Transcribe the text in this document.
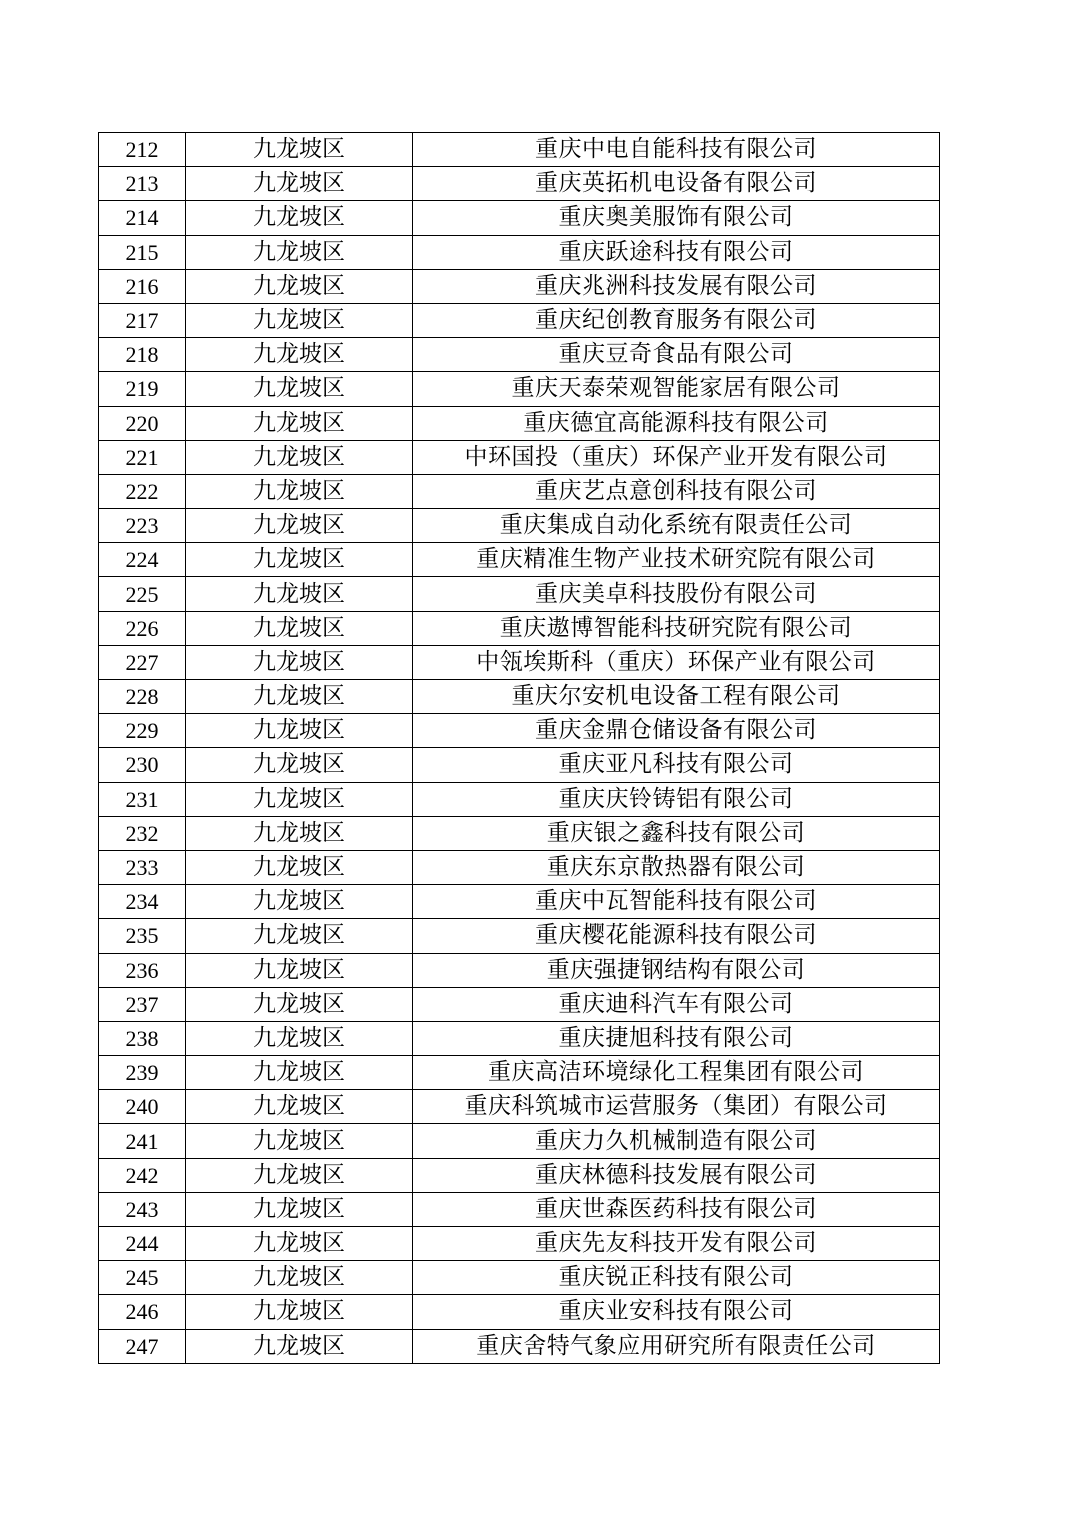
212	九龙坡区	重庆中电自能科技有限公司
213	九龙坡区	重庆英拓机电设备有限公司
214	九龙坡区	重庆奥美服饰有限公司
215	九龙坡区	重庆跃途科技有限公司
216	九龙坡区	重庆兆洲科技发展有限公司
217	九龙坡区	重庆纪创教育服务有限公司
218	九龙坡区	重庆豆奇食品有限公司
219	九龙坡区	重庆天泰荣观智能家居有限公司
220	九龙坡区	重庆德宜高能源科技有限公司
221	九龙坡区	中环国投（重庆）环保产业开发有限公司
222	九龙坡区	重庆艺点意创科技有限公司
223	九龙坡区	重庆集成自动化系统有限责任公司
224	九龙坡区	重庆精准生物产业技术研究院有限公司
225	九龙坡区	重庆美卓科技股份有限公司
226	九龙坡区	重庆遨博智能科技研究院有限公司
227	九龙坡区	中瓴埃斯科（重庆）环保产业有限公司
228	九龙坡区	重庆尔安机电设备工程有限公司
229	九龙坡区	重庆金鼎仓储设备有限公司
230	九龙坡区	重庆亚凡科技有限公司
231	九龙坡区	重庆庆铃铸铝有限公司
232	九龙坡区	重庆银之鑫科技有限公司
233	九龙坡区	重庆东京散热器有限公司
234	九龙坡区	重庆中瓦智能科技有限公司
235	九龙坡区	重庆樱花能源科技有限公司
236	九龙坡区	重庆强捷钢结构有限公司
237	九龙坡区	重庆迪科汽车有限公司
238	九龙坡区	重庆捷旭科技有限公司
239	九龙坡区	重庆高洁环境绿化工程集团有限公司
240	九龙坡区	重庆科筑城市运营服务（集团）有限公司
241	九龙坡区	重庆力久机械制造有限公司
242	九龙坡区	重庆林德科技发展有限公司
243	九龙坡区	重庆世森医药科技有限公司
244	九龙坡区	重庆先友科技开发有限公司
245	九龙坡区	重庆锐正科技有限公司
246	九龙坡区	重庆业安科技有限公司
247	九龙坡区	重庆舍特气象应用研究所有限责任公司
